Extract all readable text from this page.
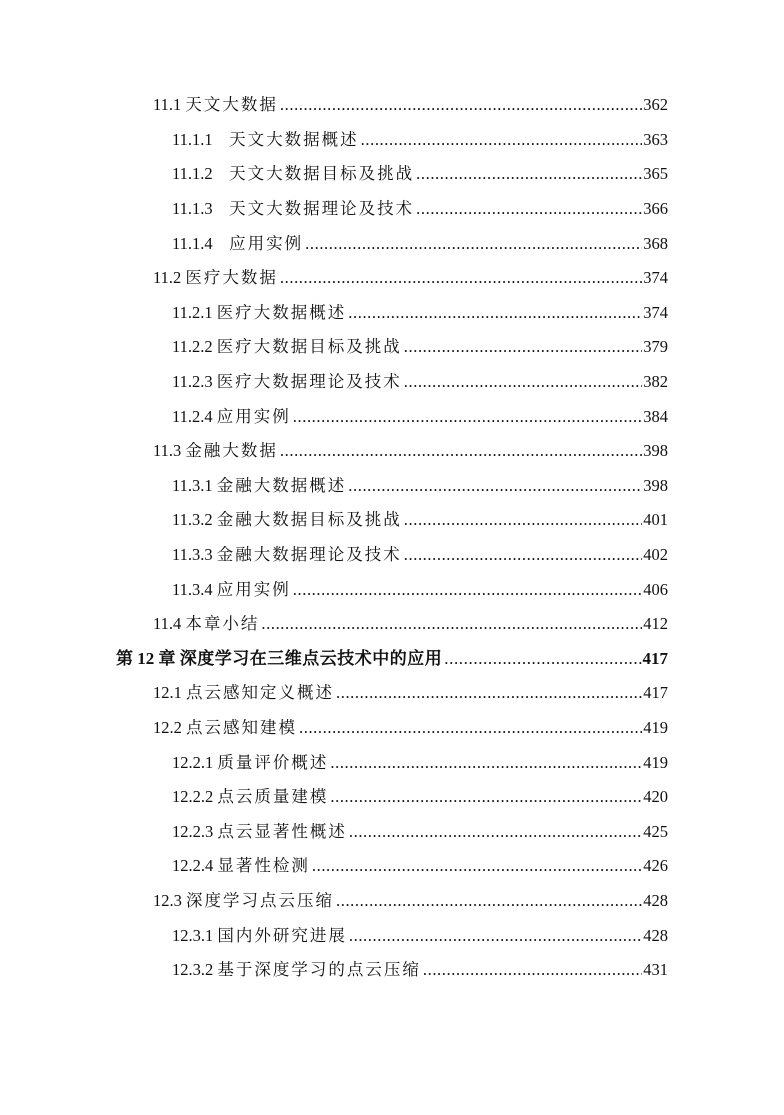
11.1 天文大数据 .....	362
11.1.1　 天文大数据概述 .....	363
11.1.2　 天文大数据目标及挑战 .....	365
11.1.3　 天文大数据理论及技术 .....	366
11.1.4　 应用实例 .....	368
11.2 医疗大数据 .....	374
11.2.1 医疗大数据概述 .....	374
11.2.2 医疗大数据目标及挑战 .....	379
11.2.3 医疗大数据理论及技术 .....	382
11.2.4 应用实例 .....	384
11.3 金融大数据 .....	398
11.3.1 金融大数据概述 .....	398
11.3.2 金融大数据目标及挑战 .....	401
11.3.3 金融大数据理论及技术 .....	402
11.3.4 应用实例 .....	406
11.4 本章小结 .....	412
第 12 章 深度学习在三维点云技术中的应用 .....	417
12.1 点云感知定义概述 .....	417
12.2 点云感知建模 .....	419
12.2.1 质量评价概述 .....	419
12.2.2 点云质量建模 .....	420
12.2.3 点云显著性概述 .....	425
12.2.4 显著性检测 .....	426
12.3 深度学习点云压缩 .....	428
12.3.1 国内外研究进展 .....	428
12.3.2 基于深度学习的点云压缩 .....	431
